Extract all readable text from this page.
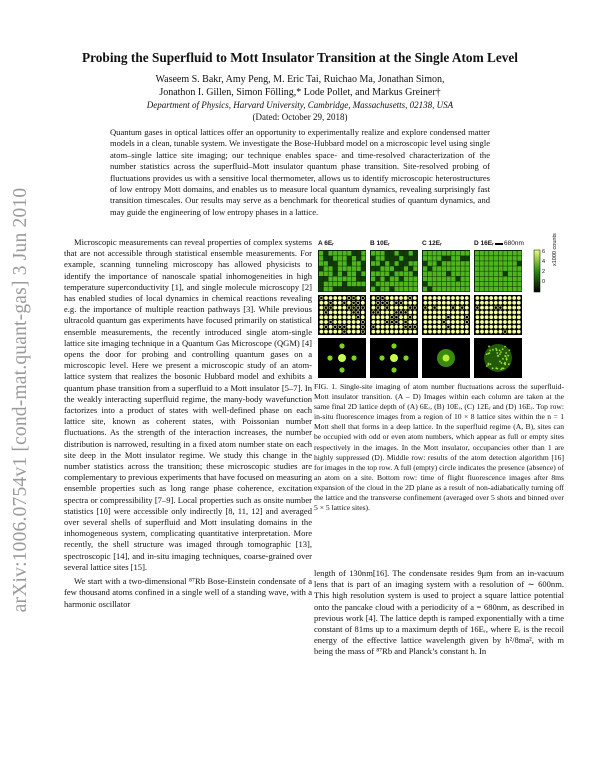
arXiv:1006.0754v1 [cond-mat.quant-gas] 3 Jun 2010
Probing the Superfluid to Mott Insulator Transition at the Single Atom Level
Waseem S. Bakr, Amy Peng, M. Eric Tai, Ruichao Ma, Jonathan Simon,
Jonathon I. Gillen, Simon Fölling,* Lode Pollet, and Markus Greiner†
Department of Physics, Harvard University, Cambridge, Massachusetts, 02138, USA
(Dated: October 29, 2018)
Quantum gases in optical lattices offer an opportunity to experimentally realize and explore condensed matter models in a clean, tunable system. We investigate the Bose-Hubbard model on a microscopic level using single atom–single lattice site imaging; our technique enables space- and time-resolved characterization of the number statistics across the superfluid–Mott insulator quantum phase transition. Site-resolved probing of fluctuations provides us with a sensitive local thermometer, allows us to identify microscopic heterostructures of low entropy Mott domains, and enables us to measure local quantum dynamics, revealing surprisingly fast transition timescales. Our results may serve as a benchmark for theoretical studies of quantum dynamics, and may guide the engineering of low entropy phases in a lattice.

Microscopic measurements can reveal properties of complex systems that are not accessible through statistical ensemble measurements. For example, scanning tunneling microscopy has allowed physicists to identify the importance of nanoscale spatial inhomogeneities in high temperature superconductivity [1], and single molecule microscopy [2] has enabled studies of local dynamics in chemical reactions revealing e.g. the importance of multiple reaction pathways [3]. While previous ultracold quantum gas experiments have focused primarily on statistical ensemble measurements, the recently introduced single atom-single lattice site imaging technique in a Quantum Gas Microscope (QGM) [4] opens the door for probing and controlling quantum gases on a microscopic level. Here we present a microscopic study of an atom-lattice system that realizes the bosonic Hubbard model and exhibits a quantum phase transition from a superfluid to a Mott insulator [5–7]. In the weakly interacting superfluid regime, the many-body wavefunction factorizes into a product of states with well-defined phase on each lattice site, known as coherent states, with Poissonian number fluctuations. As the strength of the interaction increases, the number distribution is narrowed, resulting in a fixed atom number state on each site deep in the Mott insulator regime. We study this change in the number statistics across the transition; these microscopic studies are complementary to previous experiments that have focused on measuring ensemble properties such as long range phase coherence, excitation spectra or compressibility [7–9]. Local properties such as onsite number statistics [10] were accessible only indirectly [8, 11, 12] and averaged over several shells of superfluid and Mott insulating domains in the inhomogeneous system, complicating quantitative interpretation. More recently, the shell structure was imaged through tomographic [13], spectroscopic [14], and in-situ imaging techniques, coarse-grained over several lattice sites [15].

We start with a two-dimensional ⁸⁷Rb Bose-Einstein condensate of a few thousand atoms confined in a single well of a standing wave, with a harmonic oscillator

A 6Eᵣ	B 10Eᵣ	C 12Eᵣ	D 16Eᵣ 680nm
6
4
2
0
x1000 counts
FIG. 1. Single-site imaging of atom number fluctuations across the superfluid-Mott insulator transition. (A – D) Images within each column are taken at the same final 2D lattice depth of (A) 6Eᵣ, (B) 10Eᵣ, (C) 12Eᵣ and (D) 16Eᵣ. Top row: in-situ fluorescence images from a region of 10 × 8 lattice sites within the n = 1 Mott shell that forms in a deep lattice. In the superfluid regime (A, B), sites can be occupied with odd or even atom numbers, which appear as full or empty sites respectively in the images. In the Mott insulator, occupancies other than 1 are highly suppressed (D). Middle row: results of the atom detection algorithm [16] for images in the top row. A full (empty) circle indicates the presence (absence) of an atom on a site. Bottom row: time of flight fluorescence images after 8ms expansion of the cloud in the 2D plane as a result of non-adiabatically turning off the lattice and the transverse confinement (averaged over 5 shots and binned over 5 × 5 lattice sites).

length of 130nm[16]. The condensate resides 9μm from an in-vacuum lens that is part of an imaging system with a resolution of ∼ 600nm. This high resolution system is used to project a square lattice potential onto the pancake cloud with a periodicity of a = 680nm, as described in previous work [4]. The lattice depth is ramped exponentially with a time constant of 81ms up to a maximum depth of 16Eᵣ, where Eᵣ is the recoil energy of the effective lattice wavelength given by h²/8ma², with m being the mass of ⁸⁷Rb and Planck’s constant h. In
